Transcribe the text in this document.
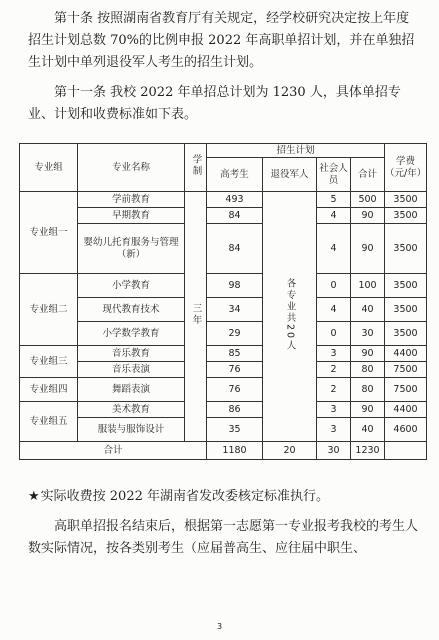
第十条 按照湖南省教育厅有关规定，经学校研究决定按上年度招生计划总数 70%的比例申报 2022 年高职单招计划，并在单独招生计划中单列退役军人考生的招生计划。

第十一条 我校 2022 年单招总计划为 1230 人，具体单招专业、计划和收费标准如下表。

专业组	专业名称	学制	招生计划				学费（元/年）
			高考生	退役军人	社会人员	合计	
专业组一	学前教育	三年	493	各专业共20人	5	500	3500
	早期教育		84		4	90	3500
	婴幼儿托育服务与管理（新）		84		4	90	3500
专业组二	小学教育		98		0	100	3500
	现代教育技术		34		4	40	3500
	小学数学教育		29		0	30	3500
专业组三	音乐教育		85		3	90	4400
	音乐表演		76		2	80	7500
专业组四	舞蹈表演		76		2	80	7500
专业组五	美术教育		86		3	90	4400
	服装与服饰设计		35		3	40	4600
合计			1180	20	30	1230	

★实际收费按 2022 年湖南省发改委核定标准执行。

高职单招报名结束后，根据第一志愿第一专业报考我校的考生人数实际情况，按各类别考生（应届普高生、应往届中职生、

3
